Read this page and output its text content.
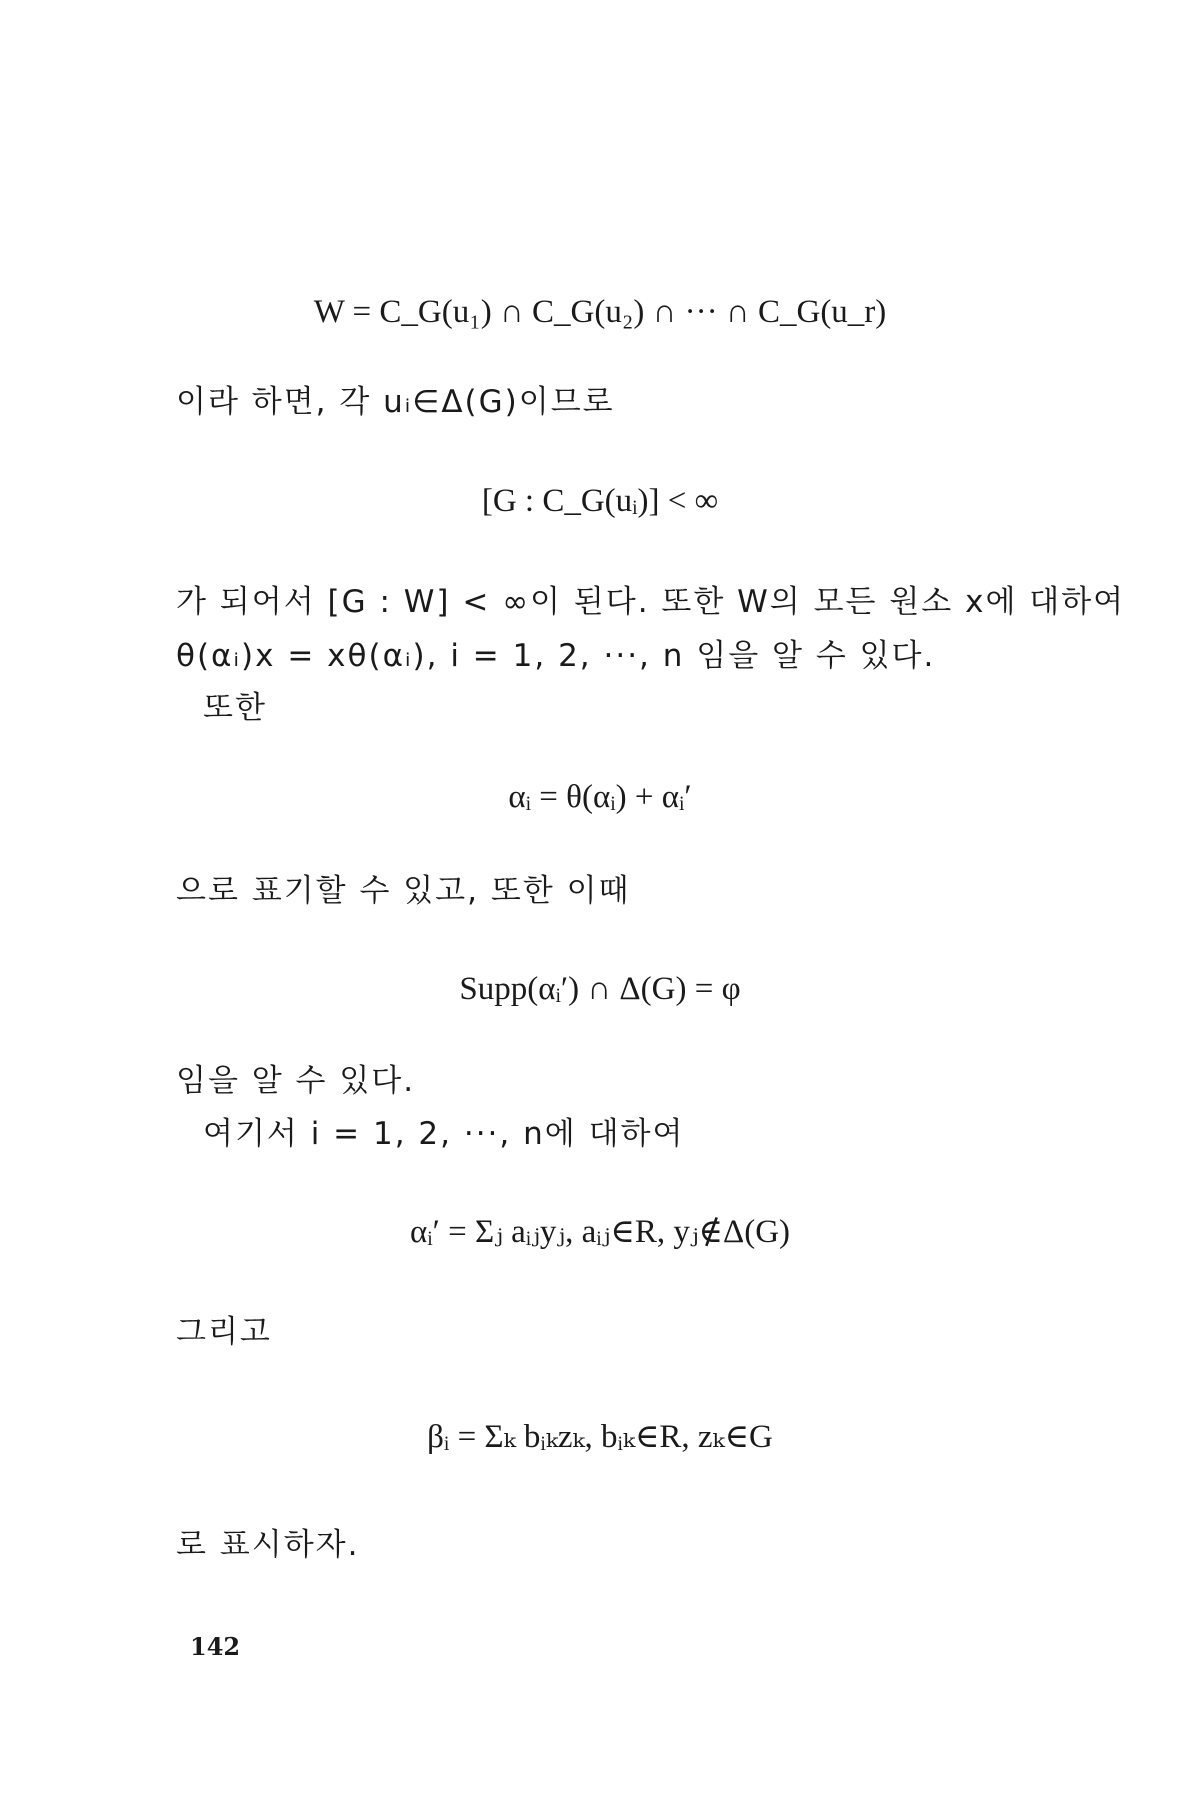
W = C_G(u₁) ∩ C_G(u₂) ∩ ··· ∩ C_G(u_r)
이라 하면, 각 uᵢ∈Δ(G)이므로
[G : C_G(uᵢ)] < ∞
가 되어서 [G : W] < ∞이 된다. 또한 W의 모든 원소 x에 대하여
θ(αᵢ)x = xθ(αᵢ), i = 1, 2, ···, n 임을 알 수 있다.
또한
αᵢ = θ(αᵢ) + αᵢ′
으로 표기할 수 있고, 또한 이때
Supp(αᵢ′) ∩ Δ(G) = φ
임을 알 수 있다.
여기서 i = 1, 2, ···, n에 대하여
αᵢ′ = Σⱼ aᵢⱼyⱼ, aᵢⱼ∈R, yⱼ∉Δ(G)
그리고
βᵢ = Σₖ bᵢₖzₖ, bᵢₖ∈R, zₖ∈G
로 표시하자.
142
